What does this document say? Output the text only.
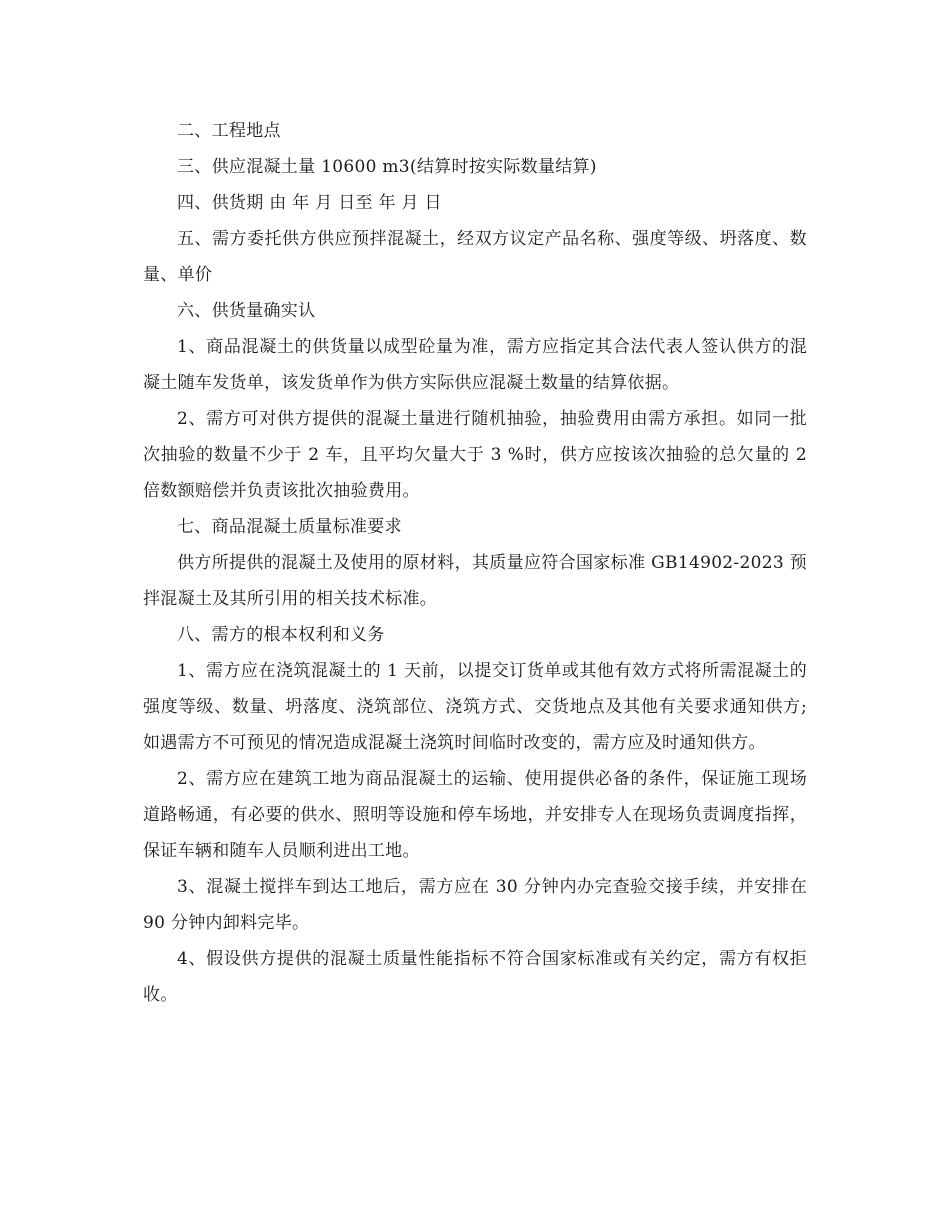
二、工程地点

三、供应混凝土量 10600 m3(结算时按实际数量结算)

四、供货期 由 年 月 日至 年 月 日

五、需方委托供方供应预拌混凝土，经双方议定产品名称、强度等级、坍落度、数量、单价

六、供货量确实认

1、商品混凝土的供货量以成型砼量为准，需方应指定其合法代表人签认供方的混凝土随车发货单，该发货单作为供方实际供应混凝土数量的结算依据。

2、需方可对供方提供的混凝土量进行随机抽验，抽验费用由需方承担。如同一批次抽验的数量不少于 2 车，且平均欠量大于 3 %时，供方应按该次抽验的总欠量的 2 倍数额赔偿并负责该批次抽验费用。

七、商品混凝土质量标准要求

供方所提供的混凝土及使用的原材料，其质量应符合国家标准 GB14902-2023 预拌混凝土及其所引用的相关技术标准。

八、需方的根本权利和义务

1、需方应在浇筑混凝土的 1 天前，以提交订货单或其他有效方式将所需混凝土的强度等级、数量、坍落度、浇筑部位、浇筑方式、交货地点及其他有关要求通知供方; 如遇需方不可预见的情况造成混凝土浇筑时间临时改变的，需方应及时通知供方。

2、需方应在建筑工地为商品混凝土的运输、使用提供必备的条件，保证施工现场道路畅通，有必要的供水、照明等设施和停车场地，并安排专人在现场负责调度指挥，保证车辆和随车人员顺利进出工地。

3、混凝土搅拌车到达工地后，需方应在 30 分钟内办完查验交接手续，并安排在 90 分钟内卸料完毕。

4、假设供方提供的混凝土质量性能指标不符合国家标准或有关约定，需方有权拒收。
